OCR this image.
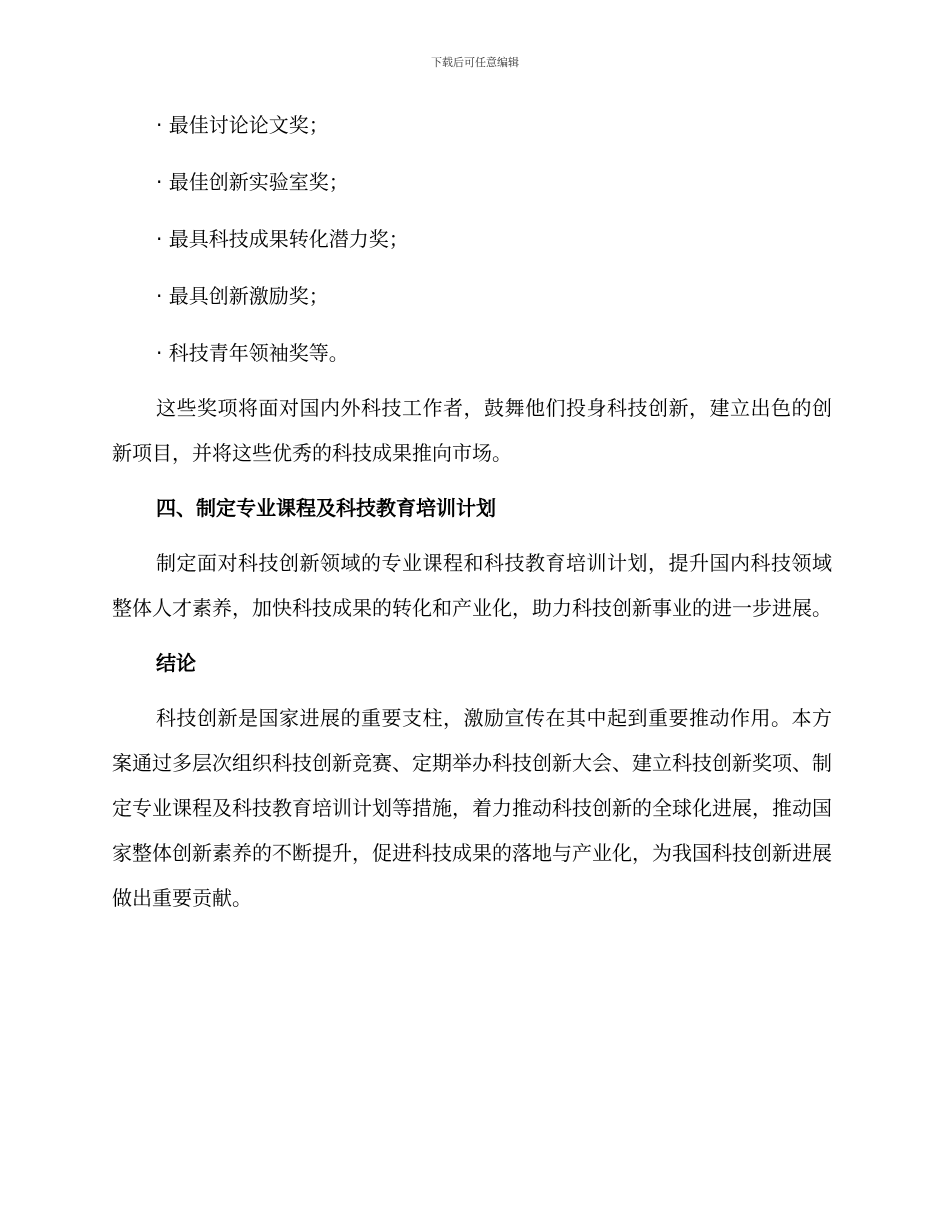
下载后可任意编辑
· 最佳讨论论文奖；
· 最佳创新实验室奖；
· 最具科技成果转化潜力奖；
· 最具创新激励奖；
· 科技青年领袖奖等。

这些奖项将面对国内外科技工作者，鼓舞他们投身科技创新，建立出色的创新项目，并将这些优秀的科技成果推向市场。

四、制定专业课程及科技教育培训计划

制定面对科技创新领域的专业课程和科技教育培训计划，提升国内科技领域整体人才素养，加快科技成果的转化和产业化，助力科技创新事业的进一步进展。

结论

科技创新是国家进展的重要支柱，激励宣传在其中起到重要推动作用。本方案通过多层次组织科技创新竞赛、定期举办科技创新大会、建立科技创新奖项、制定专业课程及科技教育培训计划等措施，着力推动科技创新的全球化进展，推动国家整体创新素养的不断提升，促进科技成果的落地与产业化，为我国科技创新进展做出重要贡献。
